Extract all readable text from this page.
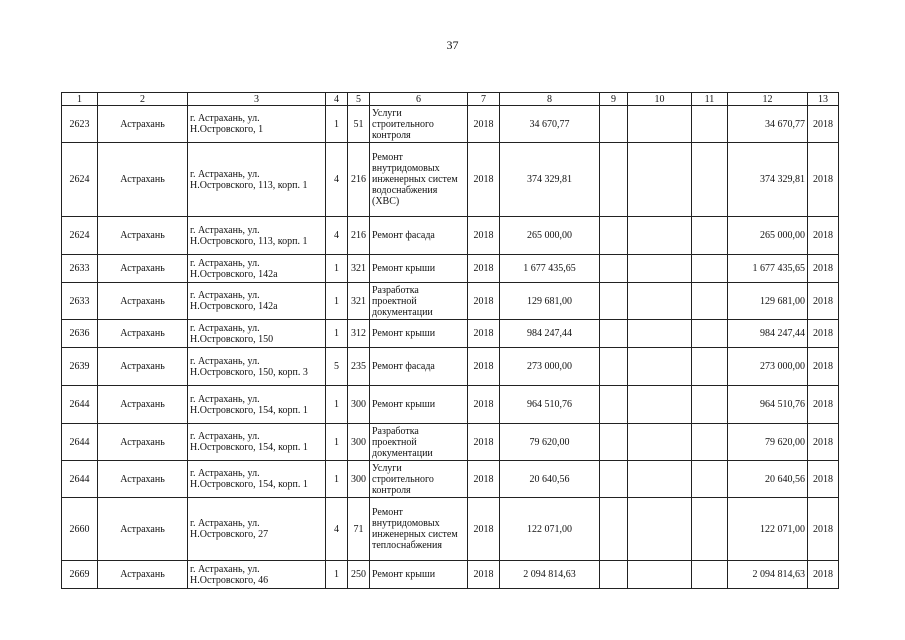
37
1	2	3	4	5	6	7	8	9	10	11	12	13
2623	Астрахань	г. Астрахань, ул. Н.Островского, 1	1	51	Услуги строительного контроля	2018	34 670,77				34 670,77	2018
2624	Астрахань	г. Астрахань, ул. Н.Островского, 113, корп. 1	4	216	Ремонт внутридомовых инженерных систем водоснабжения (ХВС)	2018	374 329,81				374 329,81	2018
2624	Астрахань	г. Астрахань, ул. Н.Островского, 113, корп. 1	4	216	Ремонт фасада	2018	265 000,00				265 000,00	2018
2633	Астрахань	г. Астрахань, ул. Н.Островского, 142а	1	321	Ремонт крыши	2018	1 677 435,65				1 677 435,65	2018
2633	Астрахань	г. Астрахань, ул. Н.Островского, 142а	1	321	Разработка проектной документации	2018	129 681,00				129 681,00	2018
2636	Астрахань	г. Астрахань, ул. Н.Островского, 150	1	312	Ремонт крыши	2018	984 247,44				984 247,44	2018
2639	Астрахань	г. Астрахань, ул. Н.Островского, 150, корп. 3	5	235	Ремонт фасада	2018	273 000,00				273 000,00	2018
2644	Астрахань	г. Астрахань, ул. Н.Островского, 154, корп. 1	1	300	Ремонт крыши	2018	964 510,76				964 510,76	2018
2644	Астрахань	г. Астрахань, ул. Н.Островского, 154, корп. 1	1	300	Разработка проектной документации	2018	79 620,00				79 620,00	2018
2644	Астрахань	г. Астрахань, ул. Н.Островского, 154, корп. 1	1	300	Услуги строительного контроля	2018	20 640,56				20 640,56	2018
2660	Астрахань	г. Астрахань, ул. Н.Островского, 27	4	71	Ремонт внутридомовых инженерных систем теплоснабжения	2018	122 071,00				122 071,00	2018
2669	Астрахань	г. Астрахань, ул. Н.Островского, 46	1	250	Ремонт крыши	2018	2 094 814,63				2 094 814,63	2018
